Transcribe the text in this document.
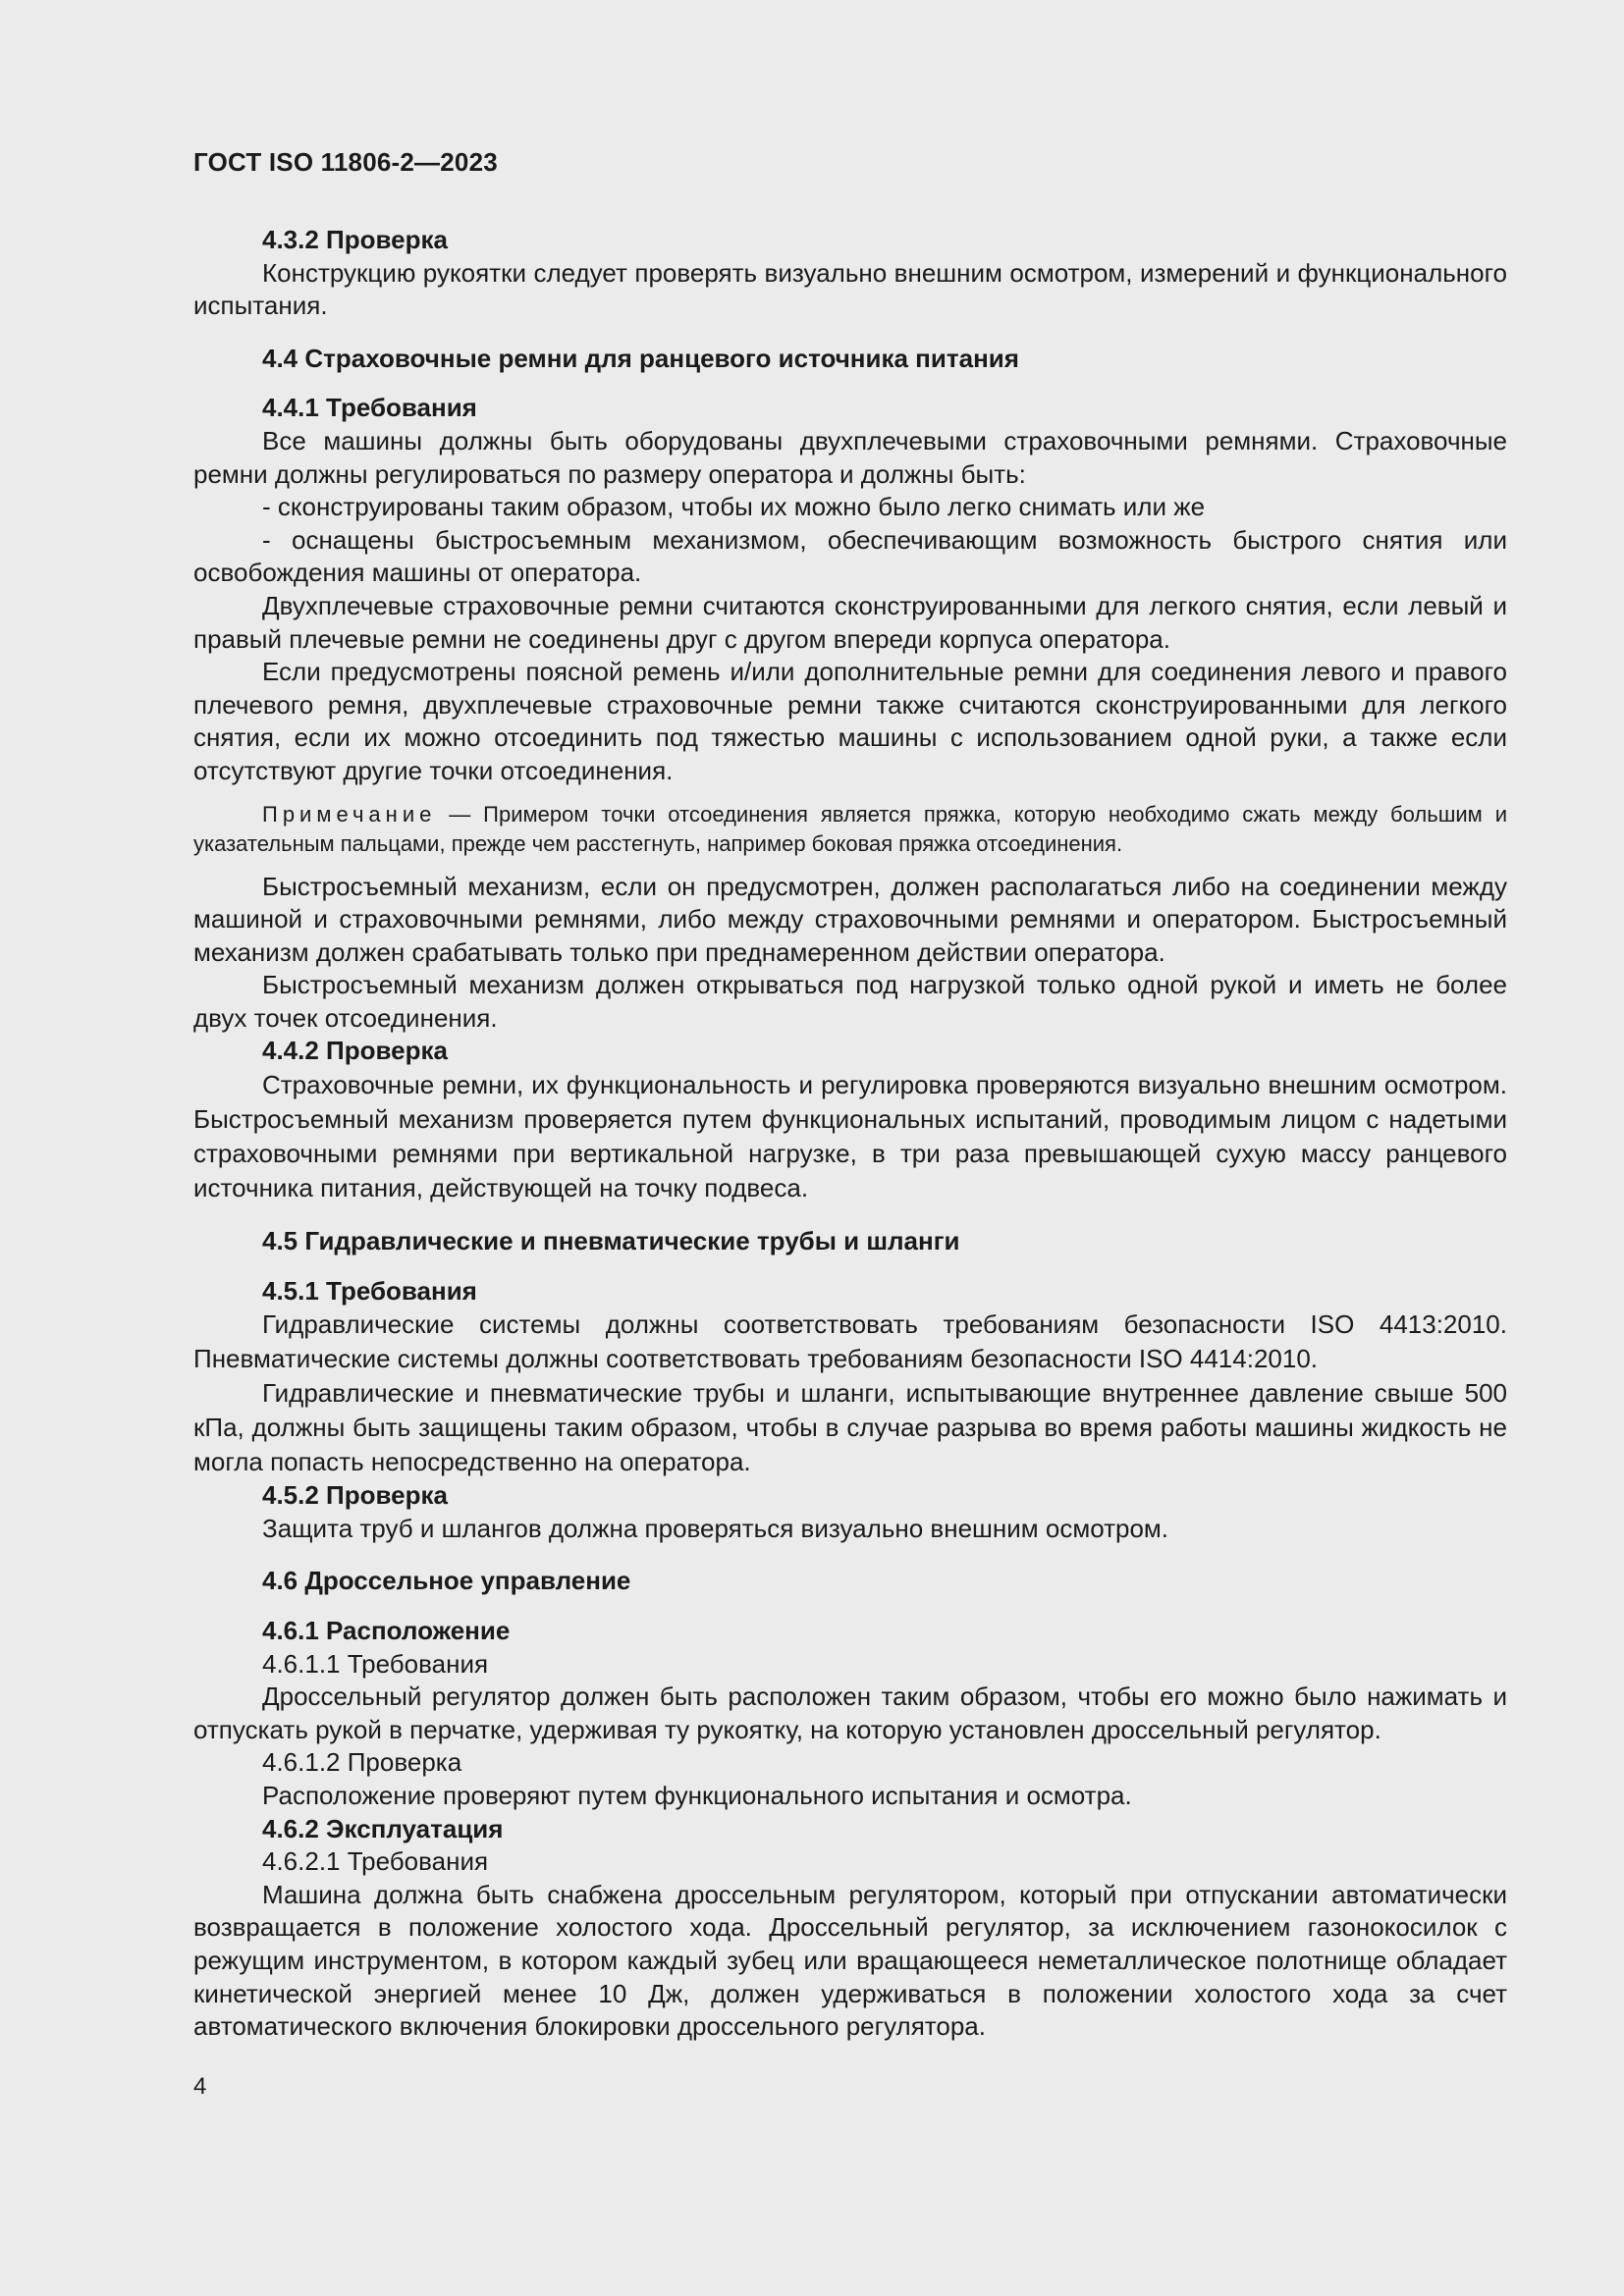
ГОСТ ISO 11806-2—2023

4.3.2 Проверка

Конструкцию рукоятки следует проверять визуально внешним осмотром, измерений и функционального испытания.

4.4 Страховочные ремни для ранцевого источника питания

4.4.1 Требования

Все машины должны быть оборудованы двухплечевыми страховочными ремнями. Страховочные ремни должны регулироваться по размеру оператора и должны быть:

- сконструированы таким образом, чтобы их можно было легко снимать или же

- оснащены быстросъемным механизмом, обеспечивающим возможность быстрого снятия или освобождения машины от оператора.

Двухплечевые страховочные ремни считаются сконструированными для легкого снятия, если левый и правый плечевые ремни не соединены друг с другом впереди корпуса оператора.

Если предусмотрены поясной ремень и/или дополнительные ремни для соединения левого и правого плечевого ремня, двухплечевые страховочные ремни также считаются сконструированными для легкого снятия, если их можно отсоединить под тяжестью машины с использованием одной руки, а также если отсутствуют другие точки отсоединения.

Примечание — Примером точки отсоединения является пряжка, которую необходимо сжать между большим и указательным пальцами, прежде чем расстегнуть, например боковая пряжка отсоединения.

Быстросъемный механизм, если он предусмотрен, должен располагаться либо на соединении между машиной и страховочными ремнями, либо между страховочными ремнями и оператором. Быстросъемный механизм должен срабатывать только при преднамеренном действии оператора.

Быстросъемный механизм должен открываться под нагрузкой только одной рукой и иметь не более двух точек отсоединения.

4.4.2 Проверка

Страховочные ремни, их функциональность и регулировка проверяются визуально внешним осмотром. Быстросъемный механизм проверяется путем функциональных испытаний, проводимым лицом с надетыми страховочными ремнями при вертикальной нагрузке, в три раза превышающей сухую массу ранцевого источника питания, действующей на точку подвеса.

4.5 Гидравлические и пневматические трубы и шланги

4.5.1 Требования

Гидравлические системы должны соответствовать требованиям безопасности ISO 4413:2010. Пневматические системы должны соответствовать требованиям безопасности ISO 4414:2010.

Гидравлические и пневматические трубы и шланги, испытывающие внутреннее давление свыше 500 кПа, должны быть защищены таким образом, чтобы в случае разрыва во время работы машины жидкость не могла попасть непосредственно на оператора.

4.5.2 Проверка

Защита труб и шлангов должна проверяться визуально внешним осмотром.

4.6 Дроссельное управление

4.6.1 Расположение

4.6.1.1 Требования

Дроссельный регулятор должен быть расположен таким образом, чтобы его можно было нажимать и отпускать рукой в перчатке, удерживая ту рукоятку, на которую установлен дроссельный регулятор.

4.6.1.2 Проверка

Расположение проверяют путем функционального испытания и осмотра.

4.6.2 Эксплуатация

4.6.2.1 Требования

Машина должна быть снабжена дроссельным регулятором, который при отпускании автоматически возвращается в положение холостого хода. Дроссельный регулятор, за исключением газонокосилок с режущим инструментом, в котором каждый зубец или вращающееся неметаллическое полотнище обладает кинетической энергией менее 10 Дж, должен удерживаться в положении холостого хода за счет автоматического включения блокировки дроссельного регулятора.

4
